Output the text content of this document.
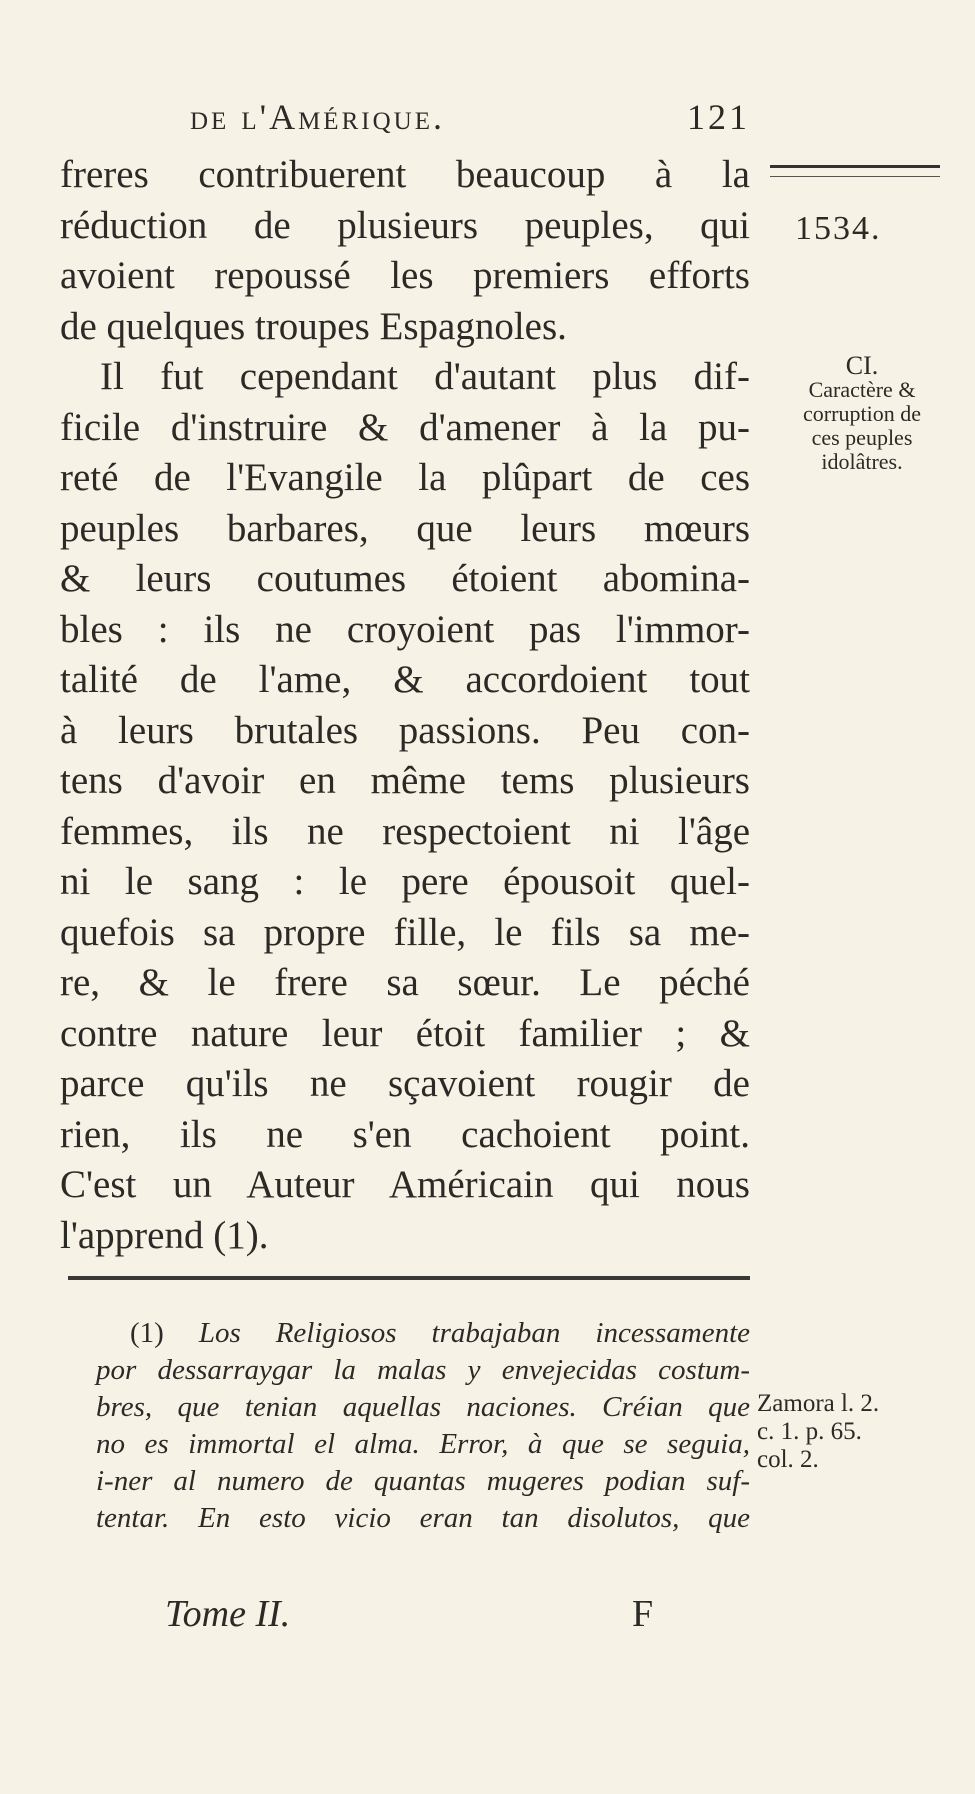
de l'Amérique.	121
freres contribuerent beaucoup à la
réduction de plusieurs peuples, qui
avoient repoussé les premiers efforts
de quelques troupes Espagnoles.
Il fut cependant d'autant plus dif-
ficile d'instruire & d'amener à la pu-
reté de l'Evangile la plûpart de ces
peuples barbares, que leurs mœurs
& leurs coutumes étoient abomina-
bles : ils ne croyoient pas l'immor-
talité de l'ame, & accordoient tout
à leurs brutales passions. Peu con-
tens d'avoir en même tems plusieurs
femmes, ils ne respectoient ni l'âge
ni le sang : le pere épousoit quel-
quefois sa propre fille, le fils sa me-
re, & le frere sa sœur. Le péché
contre nature leur étoit familier ; &
parce qu'ils ne sçavoient rougir de
rien, ils ne s'en cachoient point.
C'est un Auteur Américain qui nous
l'apprend (1).
1534.
CI.
Caractère &
corruption de
ces peuples
idolâtres.
(1) Los Religiosos trabajaban incessamente
por dessarraygar la malas y envejecidas costum-
bres, que tenian aquellas naciones. Créian que
no es immortal el alma. Error, à que se seguia,
i-ner al numero de quantas mugeres podian suf-
tentar. En esto vicio eran tan disolutos, que
Zamora l. 2.
c. 1. p. 65.
col. 2.
Tome II.	F
